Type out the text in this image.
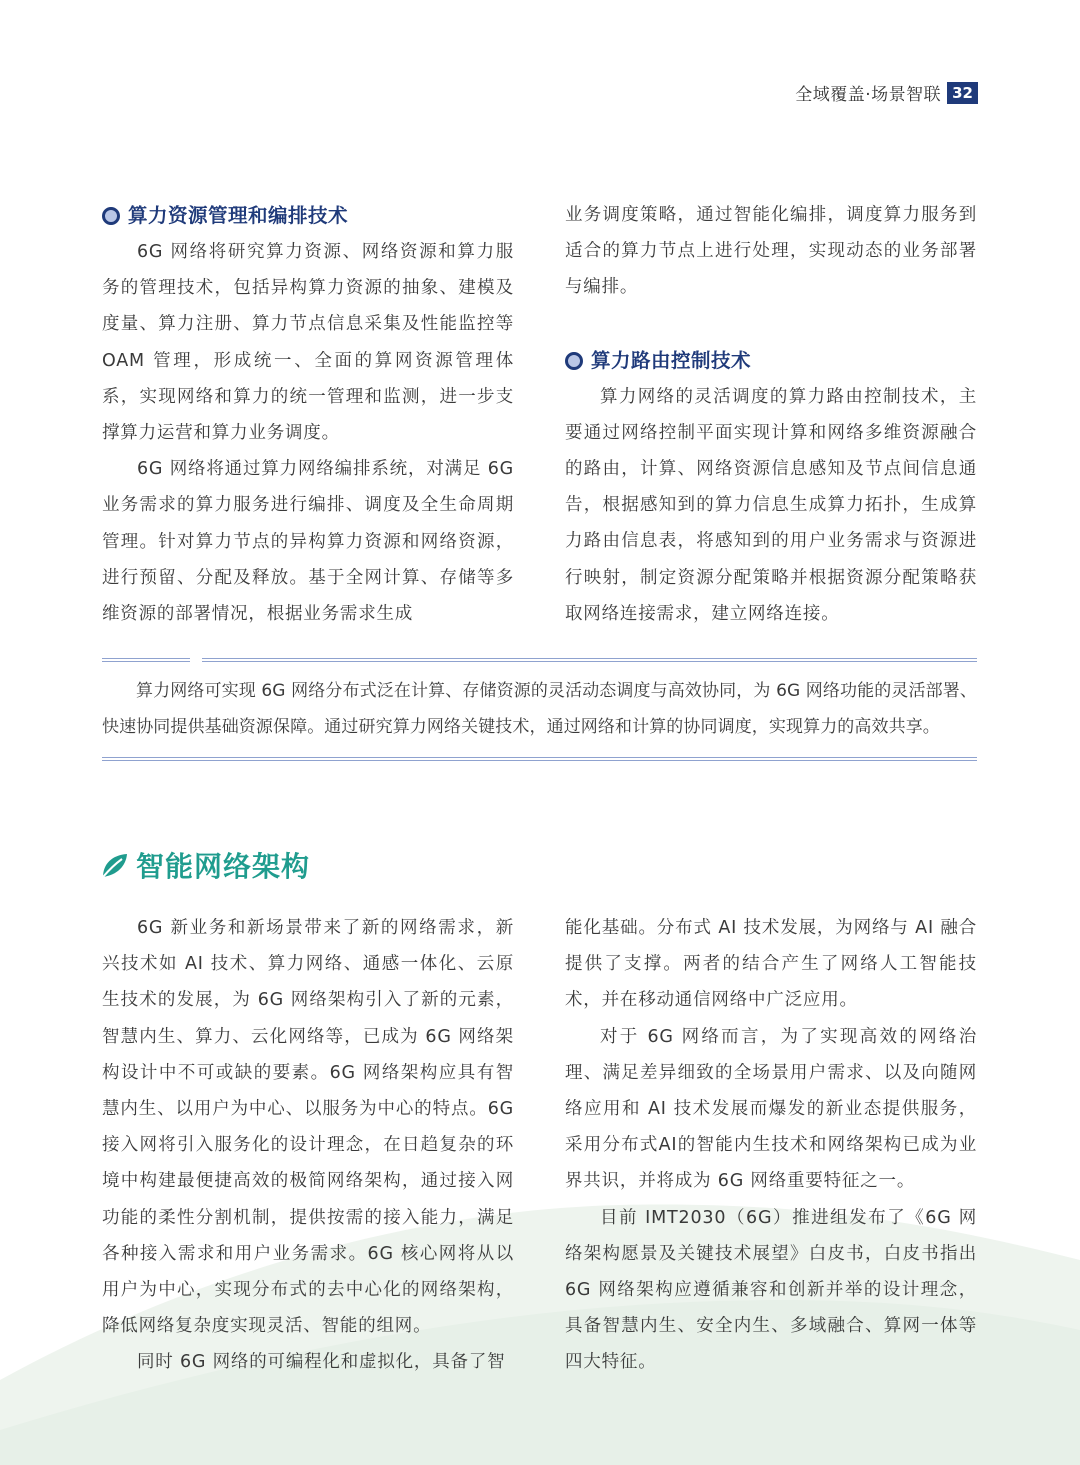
全域覆盖·场景智联 32
算力资源管理和编排技术

6G 网络将研究算力资源、网络资源和算力服务的管理技术，包括异构算力资源的抽象、建模及度量、算力注册、算力节点信息采集及性能监控等 OAM 管理，形成统一、全面的算网资源管理体系，实现网络和算力的统一管理和监测，进一步支撑算力运营和算力业务调度。

6G 网络将通过算力网络编排系统，对满足 6G 业务需求的算力服务进行编排、调度及全生命周期管理。针对算力节点的异构算力资源和网络资源，进行预留、分配及释放。基于全网计算、存储等多维资源的部署情况，根据业务需求生成

业务调度策略，通过智能化编排，调度算力服务到适合的算力节点上进行处理，实现动态的业务部署与编排。

算力路由控制技术

算力网络的灵活调度的算力路由控制技术，主要通过网络控制平面实现计算和网络多维资源融合的路由，计算、网络资源信息感知及节点间信息通告，根据感知到的算力信息生成算力拓扑，生成算力路由信息表，将感知到的用户业务需求与资源进行映射，制定资源分配策略并根据资源分配策略获取网络连接需求，建立网络连接。

算力网络可实现 6G 网络分布式泛在计算、存储资源的灵活动态调度与高效协同，为 6G 网络功能的灵活部署、快速协同提供基础资源保障。通过研究算力网络关键技术，通过网络和计算的协同调度，实现算力的高效共享。

智能网络架构

6G 新业务和新场景带来了新的网络需求，新兴技术如 AI 技术、算力网络、通感一体化、云原生技术的发展，为 6G 网络架构引入了新的元素，智慧内生、算力、云化网络等，已成为 6G 网络架构设计中不可或缺的要素。6G 网络架构应具有智慧内生、以用户为中心、以服务为中心的特点。6G 接入网将引入服务化的设计理念，在日趋复杂的环境中构建最便捷高效的极简网络架构，通过接入网功能的柔性分割机制，提供按需的接入能力，满足各种接入需求和用户业务需求。6G 核心网将从以用户为中心，实现分布式的去中心化的网络架构，降低网络复杂度实现灵活、智能的组网。

同时 6G 网络的可编程化和虚拟化，具备了智

能化基础。分布式 AI 技术发展，为网络与 AI 融合提供了支撑。两者的结合产生了网络人工智能技术，并在移动通信网络中广泛应用。

对于 6G 网络而言，为了实现高效的网络治理、满足差异细致的全场景用户需求、以及向随网络应用和 AI 技术发展而爆发的新业态提供服务，采用分布式AI的智能内生技术和网络架构已成为业界共识，并将成为 6G 网络重要特征之一。

目前 IMT2030（6G）推进组发布了《6G 网络架构愿景及关键技术展望》白皮书，白皮书指出 6G 网络架构应遵循兼容和创新并举的设计理念，具备智慧内生、安全内生、多域融合、算网一体等四大特征。
